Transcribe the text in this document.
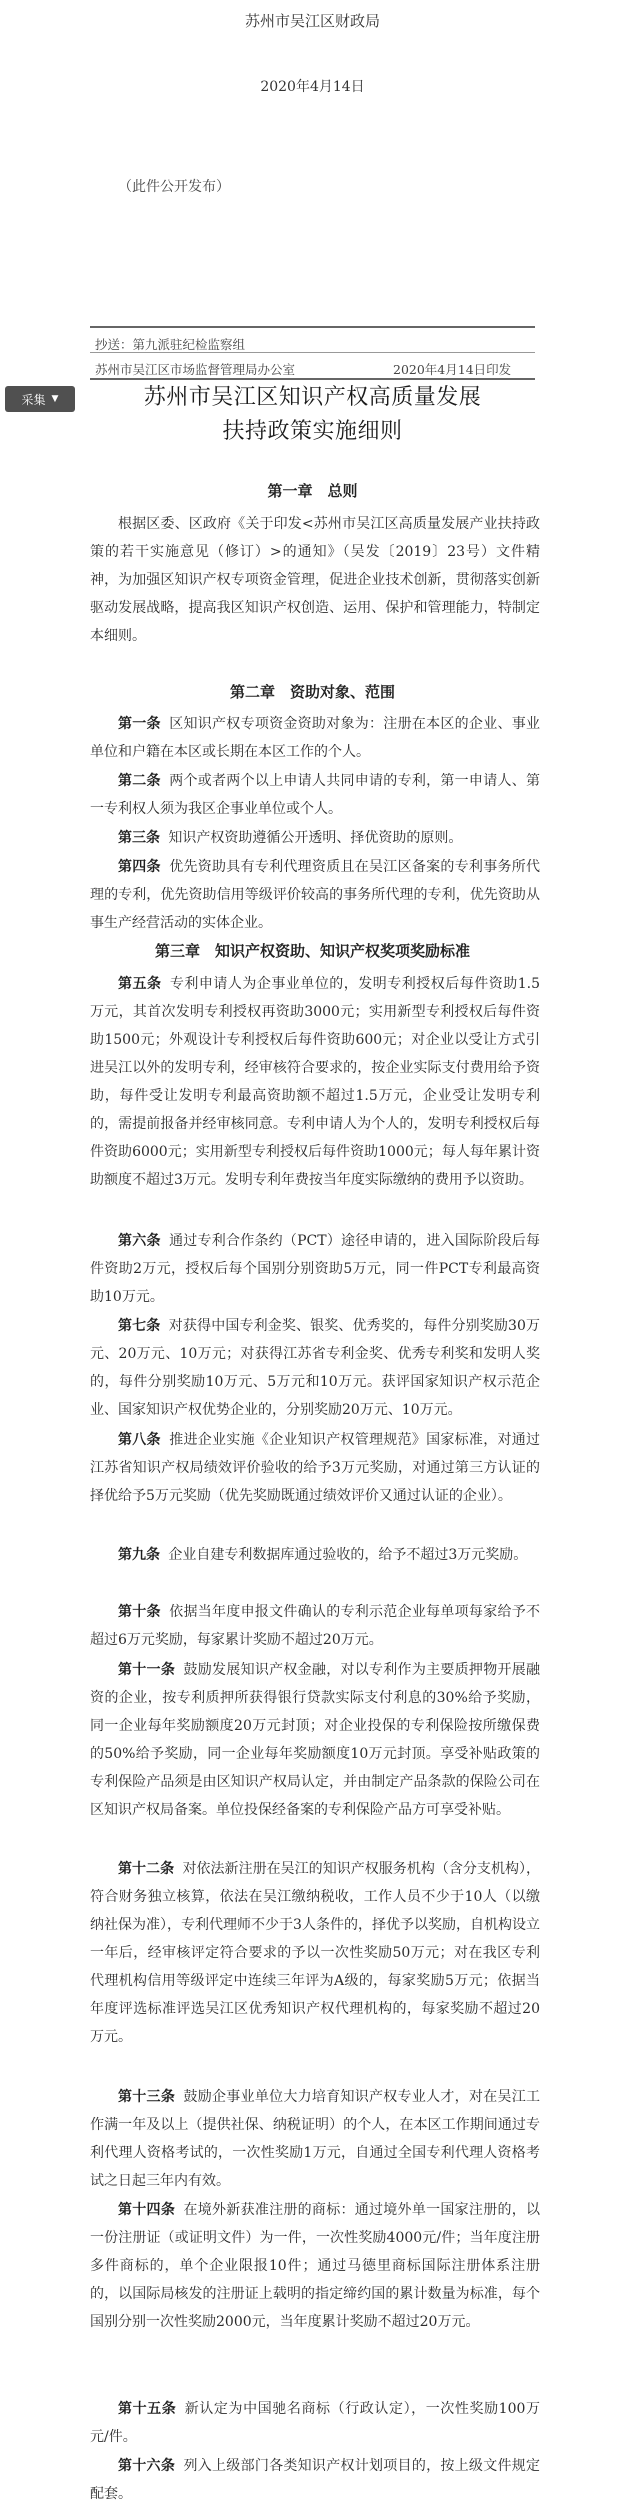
苏州市吴江区财政局
2020年4月14日
（此件公开发布）
抄送：第九派驻纪检监察组
苏州市吴江区市场监督管理局办公室	2020年4月14日印发
采集 ▼	苏州市吴江区知识产权高质量发展
扶持政策实施细则
第一章　总则
根据区委、区政府《关于印发<苏州市吴江区高质量发展产业扶持政策的若干实施意见（修订）>的通知》（吴发〔2019〕23号）文件精神，为加强区知识产权专项资金管理，促进企业技术创新，贯彻落实创新驱动发展战略，提高我区知识产权创造、运用、保护和管理能力，特制定本细则。
第二章　资助对象、范围
第一条 区知识产权专项资金资助对象为：注册在本区的企业、事业单位和户籍在本区或长期在本区工作的个人。
第二条 两个或者两个以上申请人共同申请的专利，第一申请人、第一专利权人须为我区企事业单位或个人。
第三条 知识产权资助遵循公开透明、择优资助的原则。
第四条 优先资助具有专利代理资质且在吴江区备案的专利事务所代理的专利，优先资助信用等级评价较高的事务所代理的专利，优先资助从事生产经营活动的实体企业。
第三章　知识产权资助、知识产权奖项奖励标准
第五条 专利申请人为企事业单位的，发明专利授权后每件资助1.5万元，其首次发明专利授权再资助3000元；实用新型专利授权后每件资助1500元；外观设计专利授权后每件资助600元；对企业以受让方式引进吴江以外的发明专利，经审核符合要求的，按企业实际支付费用给予资助，每件受让发明专利最高资助额不超过1.5万元，企业受让发明专利的，需提前报备并经审核同意。专利申请人为个人的，发明专利授权后每件资助6000元；实用新型专利授权后每件资助1000元；每人每年累计资助额度不超过3万元。发明专利年费按当年度实际缴纳的费用予以资助。
第六条 通过专利合作条约（PCT）途径申请的，进入国际阶段后每件资助2万元，授权后每个国别分别资助5万元，同一件PCT专利最高资助10万元。
第七条 对获得中国专利金奖、银奖、优秀奖的，每件分别奖励30万元、20万元、10万元；对获得江苏省专利金奖、优秀专利奖和发明人奖的，每件分别奖励10万元、5万元和10万元。获评国家知识产权示范企业、国家知识产权优势企业的，分别奖励20万元、10万元。
第八条 推进企业实施《企业知识产权管理规范》国家标准，对通过江苏省知识产权局绩效评价验收的给予3万元奖励，对通过第三方认证的择优给予5万元奖励（优先奖励既通过绩效评价又通过认证的企业）。
第九条 企业自建专利数据库通过验收的，给予不超过3万元奖励。
第十条 依据当年度申报文件确认的专利示范企业每单项每家给予不超过6万元奖励，每家累计奖励不超过20万元。
第十一条 鼓励发展知识产权金融，对以专利作为主要质押物开展融资的企业，按专利质押所获得银行贷款实际支付利息的30%给予奖励，同一企业每年奖励额度20万元封顶；对企业投保的专利保险按所缴保费的50%给予奖励，同一企业每年奖励额度10万元封顶。享受补贴政策的专利保险产品须是由区知识产权局认定，并由制定产品条款的保险公司在区知识产权局备案。单位投保经备案的专利保险产品方可享受补贴。
第十二条 对依法新注册在吴江的知识产权服务机构（含分支机构），符合财务独立核算，依法在吴江缴纳税收，工作人员不少于10人（以缴纳社保为准），专利代理师不少于3人条件的，择优予以奖励，自机构设立一年后，经审核评定符合要求的予以一次性奖励50万元；对在我区专利代理机构信用等级评定中连续三年评为A级的，每家奖励5万元；依据当年度评选标准评选吴江区优秀知识产权代理机构的，每家奖励不超过20万元。
第十三条 鼓励企事业单位大力培育知识产权专业人才，对在吴江工作满一年及以上（提供社保、纳税证明）的个人，在本区工作期间通过专利代理人资格考试的，一次性奖励1万元，自通过全国专利代理人资格考试之日起三年内有效。
第十四条 在境外新获准注册的商标：通过境外单一国家注册的，以一份注册证（或证明文件）为一件，一次性奖励4000元/件；当年度注册多件商标的，单个企业限报10件；通过马德里商标国际注册体系注册的，以国际局核发的注册证上载明的指定缔约国的累计数量为标准，每个国别分别一次性奖励2000元，当年度累计奖励不超过20万元。
第十五条 新认定为中国驰名商标（行政认定），一次性奖励100万元/件。
第十六条 列入上级部门各类知识产权计划项目的，按上级文件规定配套。
